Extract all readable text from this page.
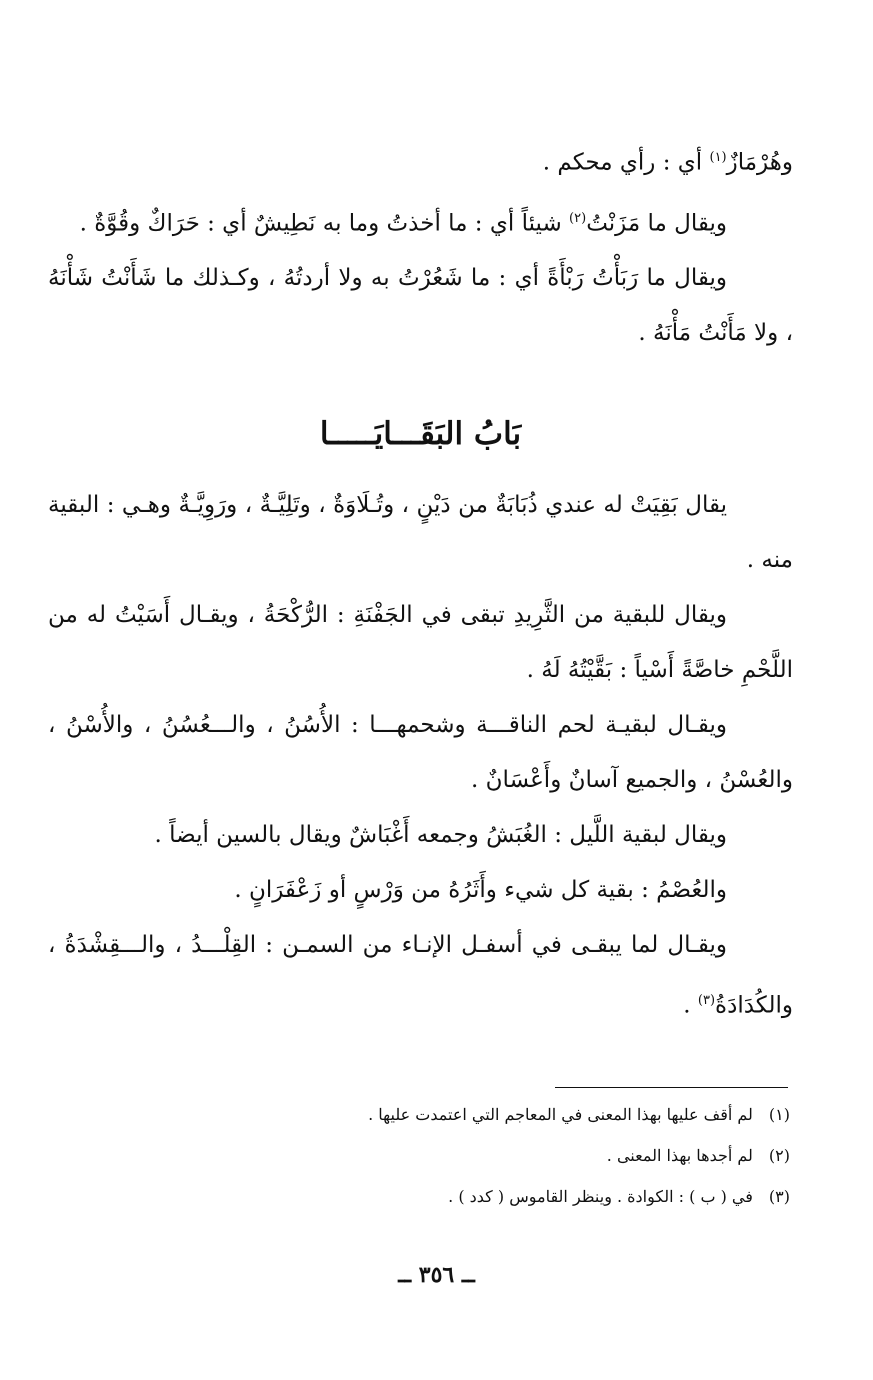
وهُرْمَازٌ$^{(١)}$ أي : رأي محكم .

ويقال ما مَزَنْتُ$^{(٢)}$ شيئاً أي : ما أخذتُ وما به نَطِيشٌ أي : حَرَاكٌ وقُوَّةٌ .

ويقال ما رَبَأْتُ رَبْأَةً أي : ما شَعُرْتُ به ولا أردتُهُ ، وكـذلك ما شَأَنْتُ شَأْنَهُ ، ولا مَأَنْتُ مَأْنَهُ .

بَابُ البَقَـــايَـــــا

يقال بَقِيَتْ له عندي ذُبَابَةٌ من دَيْنٍ ، وتُـلَاوَةٌ ، وتَلِيَّـةٌ ، ورَوِيَّـةٌ وهـي : البقية منه .

ويقال للبقية من الثَّرِيدِ تبقى في الجَفْنَةِ : الرُّكْحَةُ ، ويقـال أَسَيْتُ له من اللَّحْمِ خاصَّةً أَسْياً : بَقَّيْتُهُ لَهُ .

ويقـال لبقيـة لحم الناقـــة وشحمهـــا : الأُسُنُ ، والـــعُسُنُ ، والأُسْنُ ، والعُسْنُ ، والجميع آسانٌ وأَعْسَانٌ .

ويقال لبقية اللَّيل : الغُبَشُ وجمعه أَغْبَاشٌ ويقال بالسين أيضاً .

والعُصْمُ : بقية كل شيء وأَثَرُهُ من وَرْسٍ أو زَعْفَرَانٍ .

ويقـال لما يبقـى في أسفـل الإنـاء من السمـن : القِلْـــدُ ، والـــقِشْدَةُ ، والكُدَادَةُ$^{(٣)}$ .

(١)لم أقف عليها بهذا المعنى في المعاجم التي اعتمدت عليها .

(٢)لم أجدها بهذا المعنى .

(٣)في ( ب ) : الكوادة . وينظر القاموس ( كدد ) .

ــ ٣٥٦ ــ
